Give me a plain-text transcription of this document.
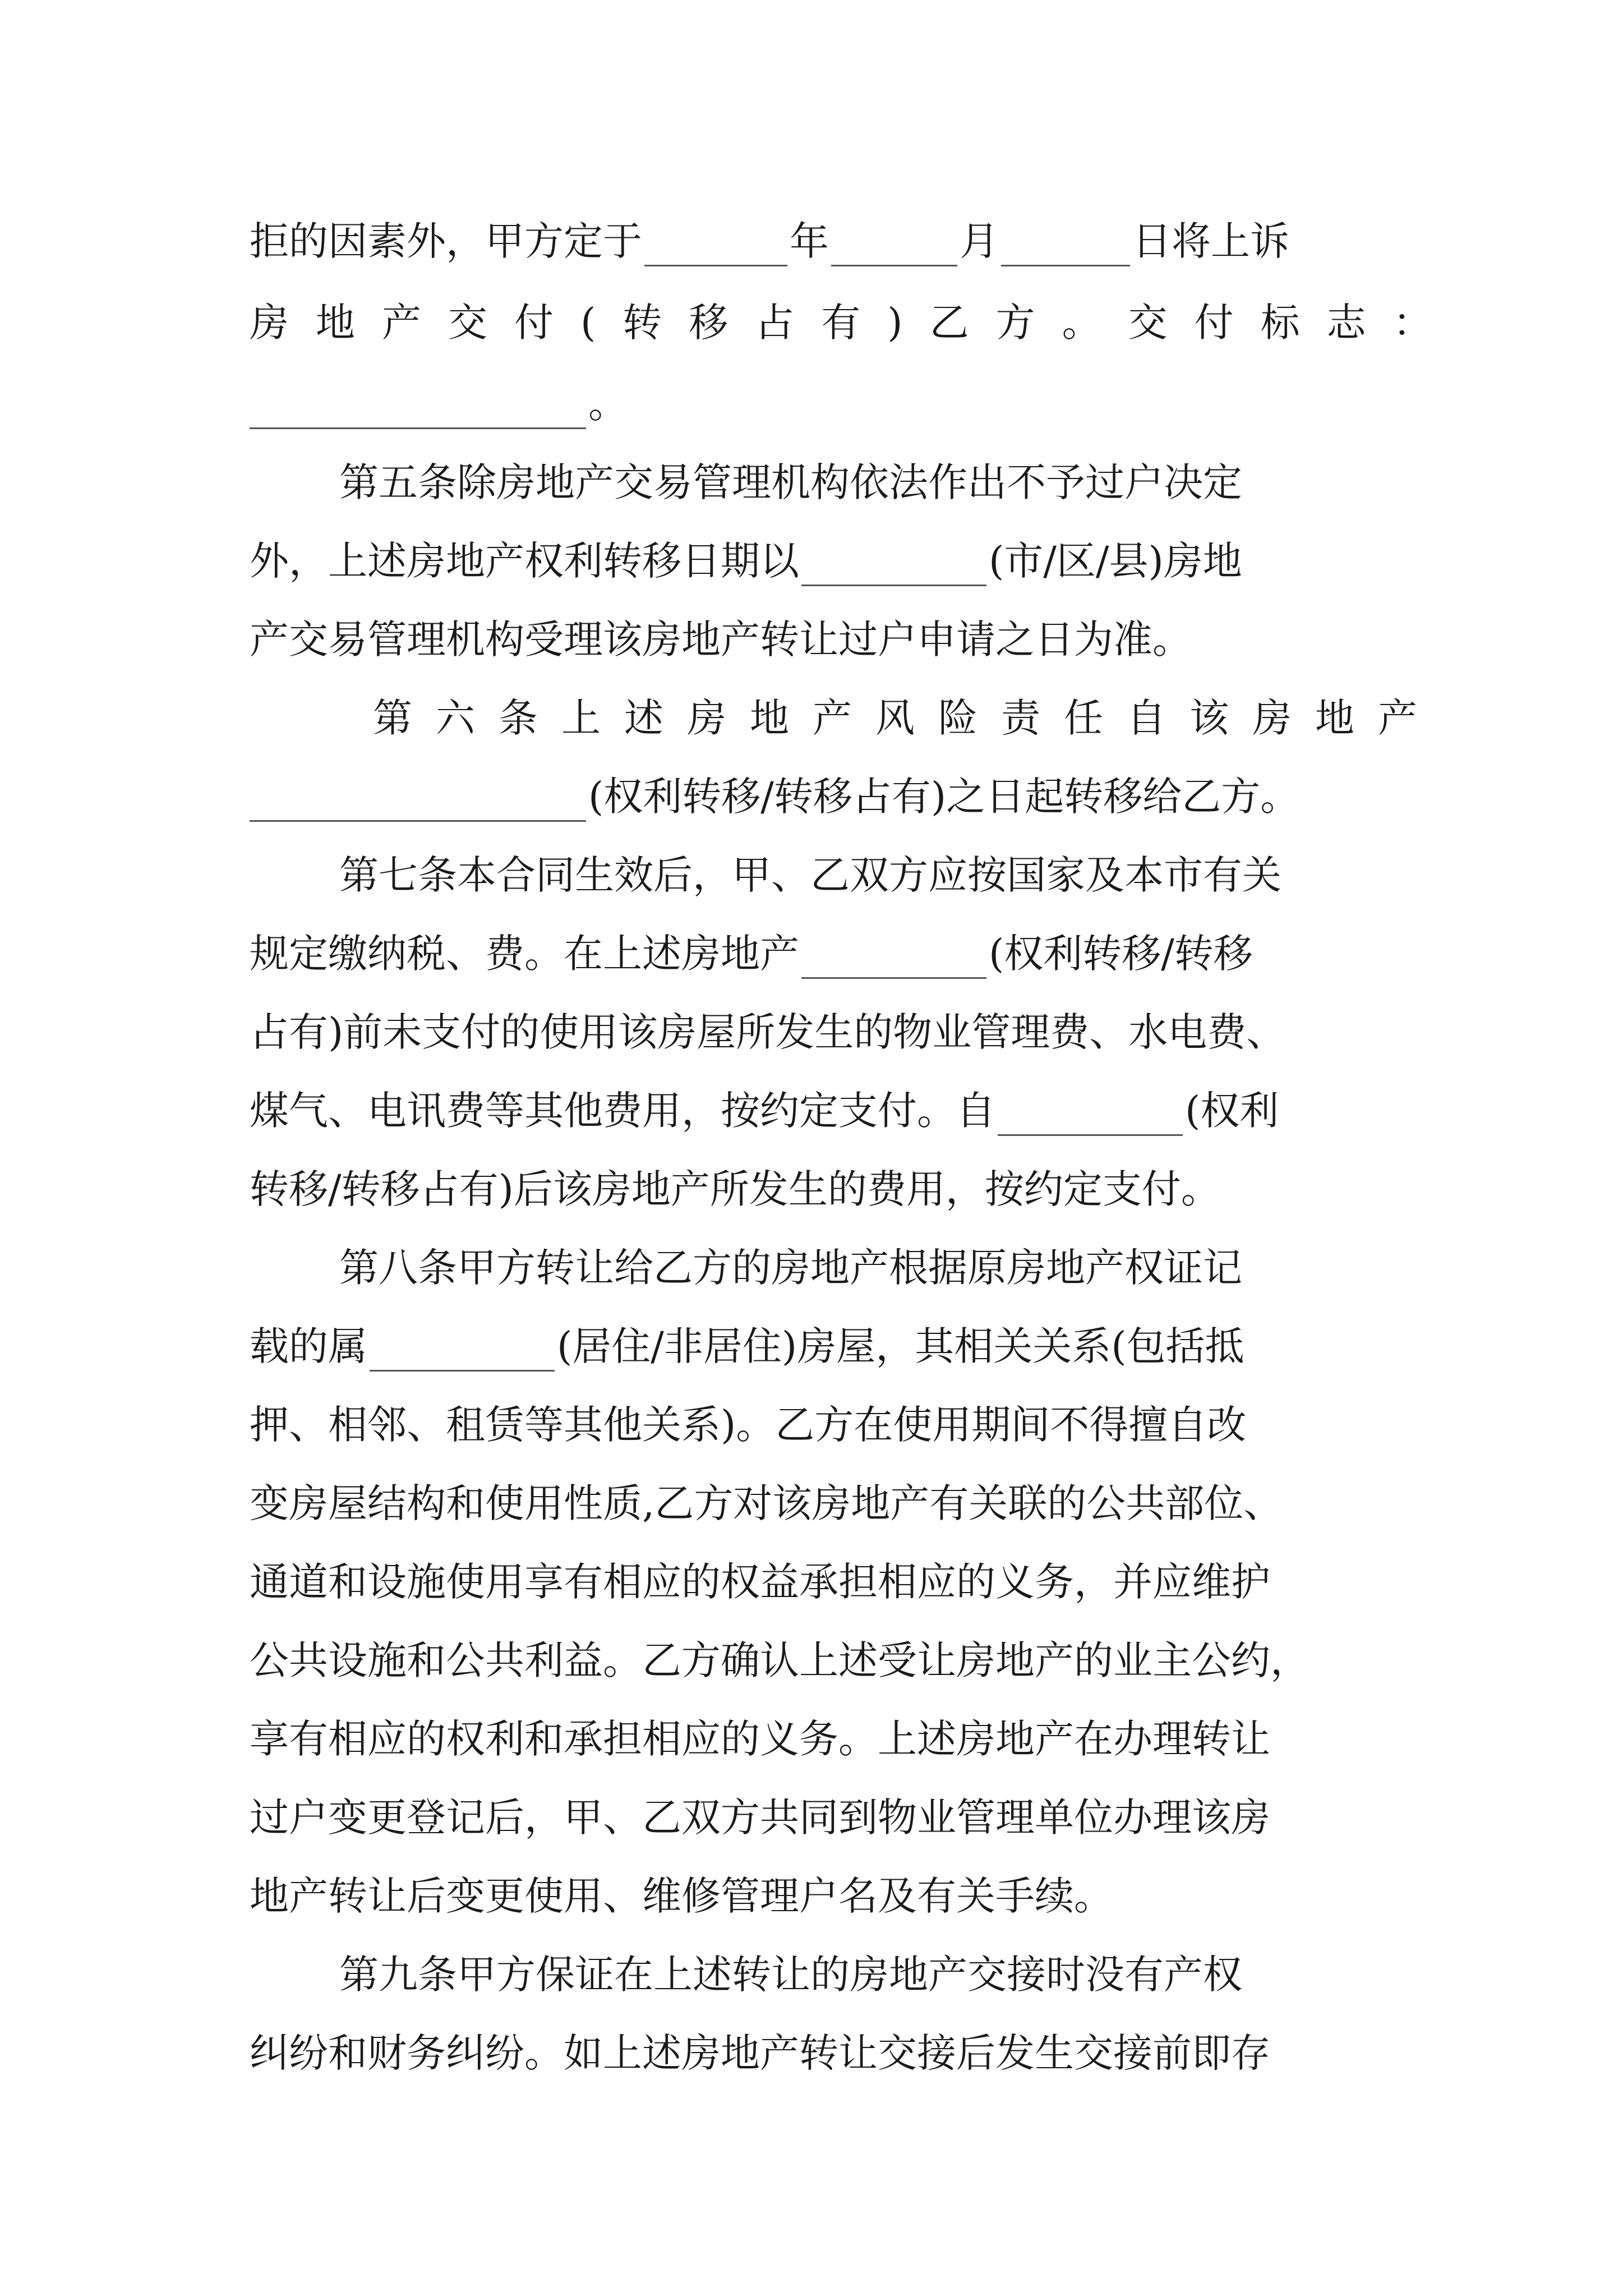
拒的因素外，甲方定于	年	月	日将上诉
房地产交付(转移占有)乙方。交付标志：
。
第五条除房地产交易管理机构依法作出不予过户决定
外，上述房地产权利转移日期以	(市/区/县)房地
产交易管理机构受理该房地产转让过户申请之日为准。
第六条上述房地产风险责任自该房地产
(权利转移/转移占有)之日起转移给乙方。
第七条本合同生效后，甲、乙双方应按国家及本市有关
规定缴纳税、费。在上述房地产	(权利转移/转移
占有)前未支付的使用该房屋所发生的物业管理费、水电费、
煤气、电讯费等其他费用，按约定支付。自	(权利
转移/转移占有)后该房地产所发生的费用，按约定支付。
第八条甲方转让给乙方的房地产根据原房地产权证记
载的属	(居住/非居住)房屋，其相关关系(包括抵
押、相邻、租赁等其他关系)。乙方在使用期间不得擅自改
变房屋结构和使用性质,乙方对该房地产有关联的公共部位、
通道和设施使用享有相应的权益承担相应的义务，并应维护
公共设施和公共利益。乙方确认上述受让房地产的业主公约，
享有相应的权利和承担相应的义务。上述房地产在办理转让
过户变更登记后，甲、乙双方共同到物业管理单位办理该房
地产转让后变更使用、维修管理户名及有关手续。
第九条甲方保证在上述转让的房地产交接时没有产权
纠纷和财务纠纷。如上述房地产转让交接后发生交接前即存
